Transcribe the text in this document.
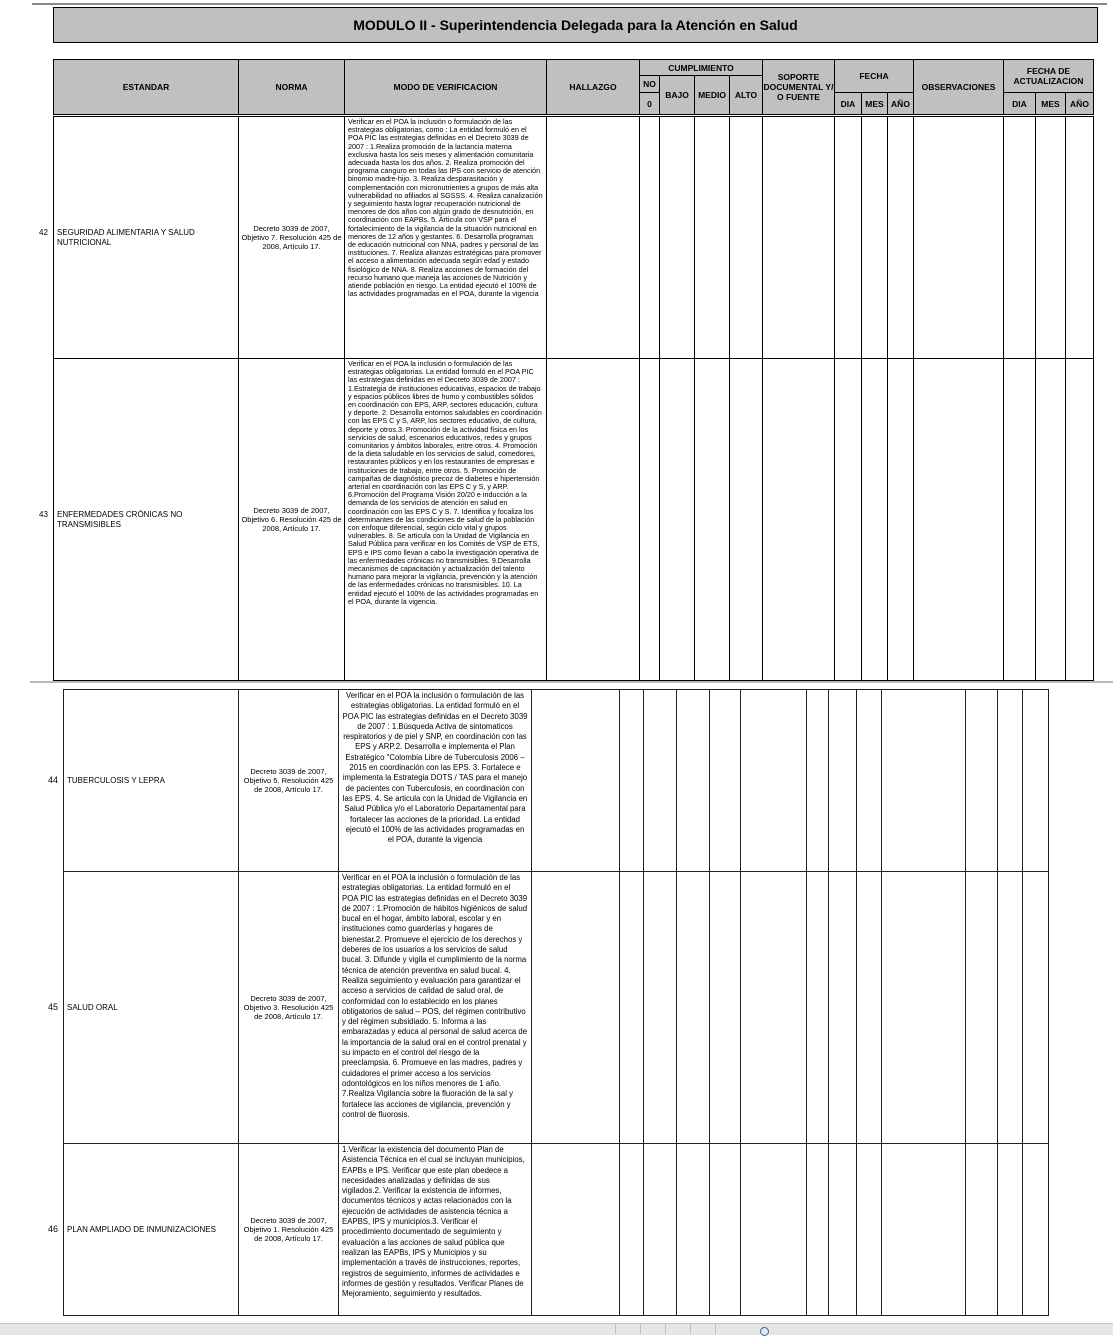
MODULO II - Superintendencia Delegada para la Atención en Salud
ESTANDAR	NORMA	MODO DE VERIFICACION	HALLAZGO	CUMPLIMIENTO				SOPORTE DOCUMENTAL Y/ O FUENTE	FECHA			OBSERVACIONES	FECHA DE ACTUALIZACION		
				NO	BAJO	MEDIO	ALTO								
				0					DIA	MES	AÑO		DIA	MES	AÑO
42 SEGURIDAD ALIMENTARIA Y SALUD NUTRICIONAL	Decreto 3039 de 2007, Objetivo 7. Resolución 425 de 2008, Artículo 17.	Verificar en el POA la inclusión o formulación de las estrategias obligatorias, como : La entidad formuló en el POA PIC las estrategias definidas en el Decreto 3039 de 2007 : 1.Realiza promoción de la lactancia materna exclusiva hasta los seis meses y alimentación comunitaria adecuada hasta los dos años. 2. Realiza promoción del programa canguro en todas las IPS con servicio de atención binomio madre-hijo. 3. Realiza desparasitación y complementación con micronutrientes a grupos de más alta vulnerabilidad no afiliados al SGSSS. 4. Realiza canalización y seguimiento hasta lograr recuperación nutricional de menores de dos años con algún grado de desnutrición, en coordinación con EAPBs. 5. Articula con VSP para el fortalecimiento de la vigilancia de la situación nutricional en menores de 12 años y gestantes. 6. Desarrolla programas de educación nutricional con NNA, padres y personal de las instituciones. 7. Realiza alianzas estratégicas para promover el acceso a alimentación adecuada según edad y estado fisiológico de NNA. 8. Realiza acciones de formación del recurso humano que maneja las acciones de Nutrición y atiende población en riesgo. La entidad ejecutó el 100% de las actividades programadas en el POA, durante la vigencia													
43 ENFERMEDADES CRÓNICAS NO TRANSMISIBLES	Decreto 3039 de 2007, Objetivo 6. Resolución 425 de 2008, Artículo 17.	Verificar en el POA la inclusión o formulación de las estrategias obligatorias. La entidad formuló en el POA PIC las estrategias definidas en el Decreto 3039 de 2007 : 1.Estrategia de instituciones educativas, espacios de trabajo y espacios públicos libres de humo y combustibles sólidos en coordinación con EPS, ARP, sectores educación, cultura y deporte. 2. Desarrolla entornos saludables en coordinación con las EPS C y S, ARP, los sectores educativo, de cultura, deporte y otros.3. Promoción de la actividad física en los servicios de salud, escenarios educativos, redes y grupos comunitarios y ámbitos laborales, entre otros. 4. Promoción de la dieta saludable en los servicios de salud, comedores, restaurantes públicos y en los restaurantes de empresas e instituciones de trabajo, entre otros. 5. Promoción de campañas de diagnóstico precoz de diabetes e hipertensión arterial en coordinación con las EPS C y S, y ARP. 6.Promoción del Programa Visión 20/20 e inducción a la demanda de los servicios de atención en salud en coordinación con las EPS C y S. 7. Identifica y focaliza los determinantes de las condiciones de salud de la población con enfoque diferencial, según ciclo vital y grupos vulnerables. 8. Se articula con la Unidad de Vigilancia en Salud Pública para verificar en los Comités de VSP de ETS, EPS e IPS como llevan a cabo la investigación operativa de las enfermedades crónicas no transmisibles. 9.Desarrolla mecanismos de capacitación y actualización del talento humano para mejorar la vigilancia, prevención y la atención de las enfermedades crónicas no transmisibles. 10. La entidad ejecutó el 100% de las actividades programadas en el POA, durante la vigencia.													
44 TUBERCULOSIS Y LEPRA	Decreto 3039 de 2007, Objetivo 5. Resolución 425 de 2008, Artículo 17.	Verificar en el POA la inclusión o formulación de las estrategias obligatorias. La entidad formuló en el POA PIC las estrategias definidas en el Decreto 3039 de 2007 : 1.Búsqueda Activa de sintomaticos respiratorios y de piel y SNP, en coordinación con las EPS y ARP.2. Desarrolla e implementa el Plan Estratégico "Colombia Libre de Tuberculosis 2006 –2015 en coordinación con las EPS. 3. Fortalece e implementa la Estrategia DOTS / TAS para el manejo de pacientes con Tuberculosis, en coordinación con las EPS. 4. Se articula con la Unidad de Vigilancia en Salud Pública y/o el Laboratorio Departamental para fortalecer las acciones de la prioridad. La entidad ejecutó el 100% de las actividades programadas en el POA, durante la vigencia													
45 SALUD ORAL	Decreto 3039 de 2007, Objetivo 3. Resolución 425 de 2008, Artículo 17.	Verificar en el POA la inclusión o formulación de las estrategias obligatorias. La entidad formuló en el POA PIC las estrategias definidas en el Decreto 3039 de 2007 : 1.Promoción de hábitos higiénicos de salud bucal en el hogar, ámbito laboral, escolar y en instituciones como guarderías y hogares de bienestar.2. Promueve el ejercicio de los derechos y deberes de los usuarios a los servicios de salud bucal. 3. Difunde y vigila el cumplimiento de la norma técnica de atención preventiva en salud bucal. 4. Realiza seguimiento y evaluación para garantizar el acceso a servicios de calidad de salud oral, de conformidad con lo establecido en los planes obligatorios de salud – POS, del régimen contributivo y del régimen subsidiado. 5. Informa a las embarazadas y educa al personal de salud acerca de la importancia de la salud oral en el control prenatal y su impacto en el control del riesgo de la preeclampsia. 6. Promueve en las madres, padres y cuidadores el primer acceso a los servicios odontológicos en los niños menores de 1 año. 7.Realiza Vigilancia sobre la fluoración de la sal y fortalece las acciones de vigilancia, prevención y control de fluorosis.													
46 PLAN AMPLIADO DE INMUNIZACIONES	Decreto 3039 de 2007, Objetivo 1. Resolución 425 de 2008, Artículo 17.	1.Verificar la existencia del documento Plan de Asistencia Técnica en el cual se incluyan municipios, EAPBs e IPS. Verificar que este plan obedece a necesidades analizadas y definidas de sus vigilados.2. Verificar la existencia de informes, documentos técnicos y actas relacionados con la ejecución de actividades de asistencia técnica a EAPBS, IPS y municipios.3. Verificar el procedimiento documentado de seguimiento y evaluación a las acciones de salud pública que realizan las EAPBs, IPS y Municipios y su implementación a través de instrucciones, reportes, registros de seguimiento, informes de actividades e informes de gestión y resultados. Verificar Planes de Mejoramiento, seguimiento y resultados.													
